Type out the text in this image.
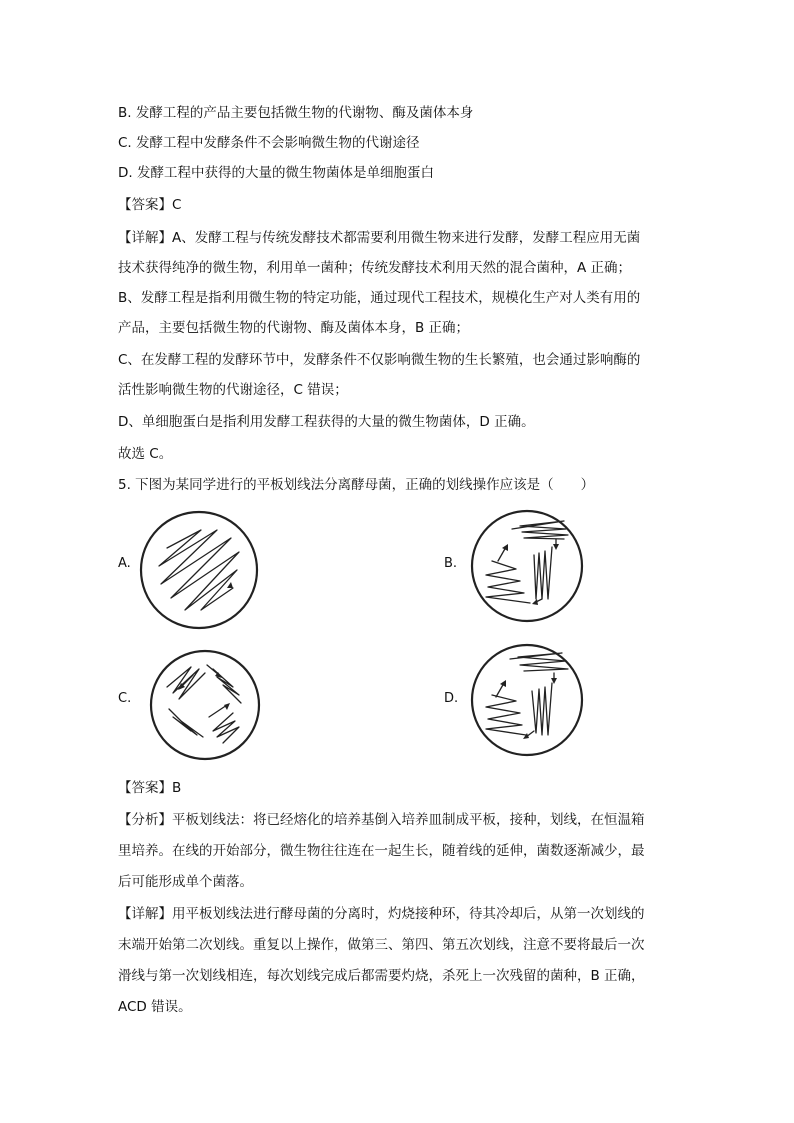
B. 发酵工程的产品主要包括微生物的代谢物、酶及菌体本身
C. 发酵工程中发酵条件不会影响微生物的代谢途径
D. 发酵工程中获得的大量的微生物菌体是单细胞蛋白
【答案】C
【详解】A、发酵工程与传统发酵技术都需要利用微生物来进行发酵，发酵工程应用无菌
技术获得纯净的微生物，利用单一菌种；传统发酵技术利用天然的混合菌种，A 正确；
B、发酵工程是指利用微生物的特定功能，通过现代工程技术，规模化生产对人类有用的
产品，主要包括微生物的代谢物、酶及菌体本身，B 正确；
C、在发酵工程的发酵环节中，发酵条件不仅影响微生物的生长繁殖，也会通过影响酶的
活性影响微生物的代谢途径，C 错误；
D、单细胞蛋白是指利用发酵工程获得的大量的微生物菌体，D 正确。
故选 C。
5. 下图为某同学进行的平板划线法分离酵母菌，正确的划线操作应该是（　　）
A.	B.
C.	D.
【答案】B
【分析】平板划线法：将已经熔化的培养基倒入培养皿制成平板，接种，划线，在恒温箱
里培养。在线的开始部分，微生物往往连在一起生长，随着线的延伸，菌数逐渐减少，最
后可能形成单个菌落。
【详解】用平板划线法进行酵母菌的分离时，灼烧接种环，待其冷却后，从第一次划线的
末端开始第二次划线。重复以上操作，做第三、第四、第五次划线，注意不要将最后一次
滑线与第一次划线相连，每次划线完成后都需要灼烧，杀死上一次残留的菌种，B 正确，
ACD 错误。
